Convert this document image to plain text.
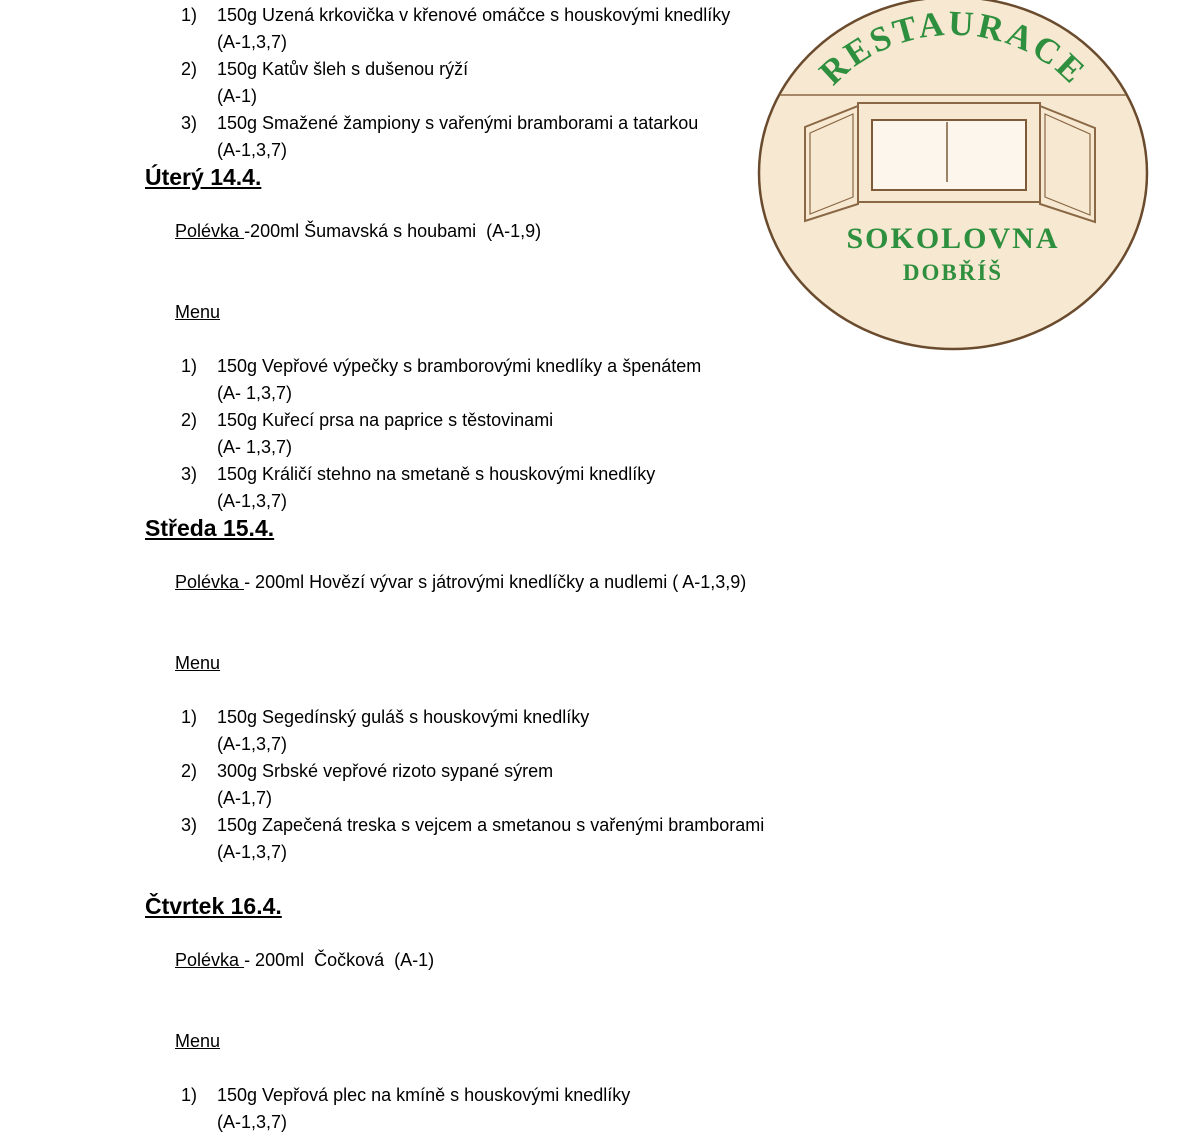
1)	150g Uzená krkovička v křenové omáčce s houskovými knedlíky
(A-1,3,7)
2)	150g Katův šleh s dušenou rýží
(A-1)
3)	150g Smažené žampiony s vařenými bramborami a tatarkou
(A-1,3,7)
Úterý 14.4.

Polévka -200ml Šumavská s houbami  (A-1,9)

Menu

1)	150g Vepřové výpečky s bramborovými knedlíky a špenátem
(A- 1,3,7)
2)	150g Kuřecí prsa na paprice s těstovinami
(A- 1,3,7)
3)	150g Králičí stehno na smetaně s houskovými knedlíky
(A-1,3,7)
Středa 15.4.

Polévka - 200ml Hovězí vývar s játrovými knedlíčky a nudlemi ( A-1,3,9)

Menu

1)	150g Segedínský guláš s houskovými knedlíky
(A-1,3,7)
2)	300g Srbské vepřové rizoto sypané sýrem
(A-1,7)
3)	150g Zapečená treska s vejcem a smetanou s vařenými bramborami
(A-1,3,7)
Čtvrtek 16.4.

Polévka - 200ml  Čočková  (A-1)

Menu

1)	150g Vepřová plec na kmíně s houskovými knedlíky
(A-1,3,7)
RESTAURACE
SOKOLOVNA
DOBŘÍŠ
